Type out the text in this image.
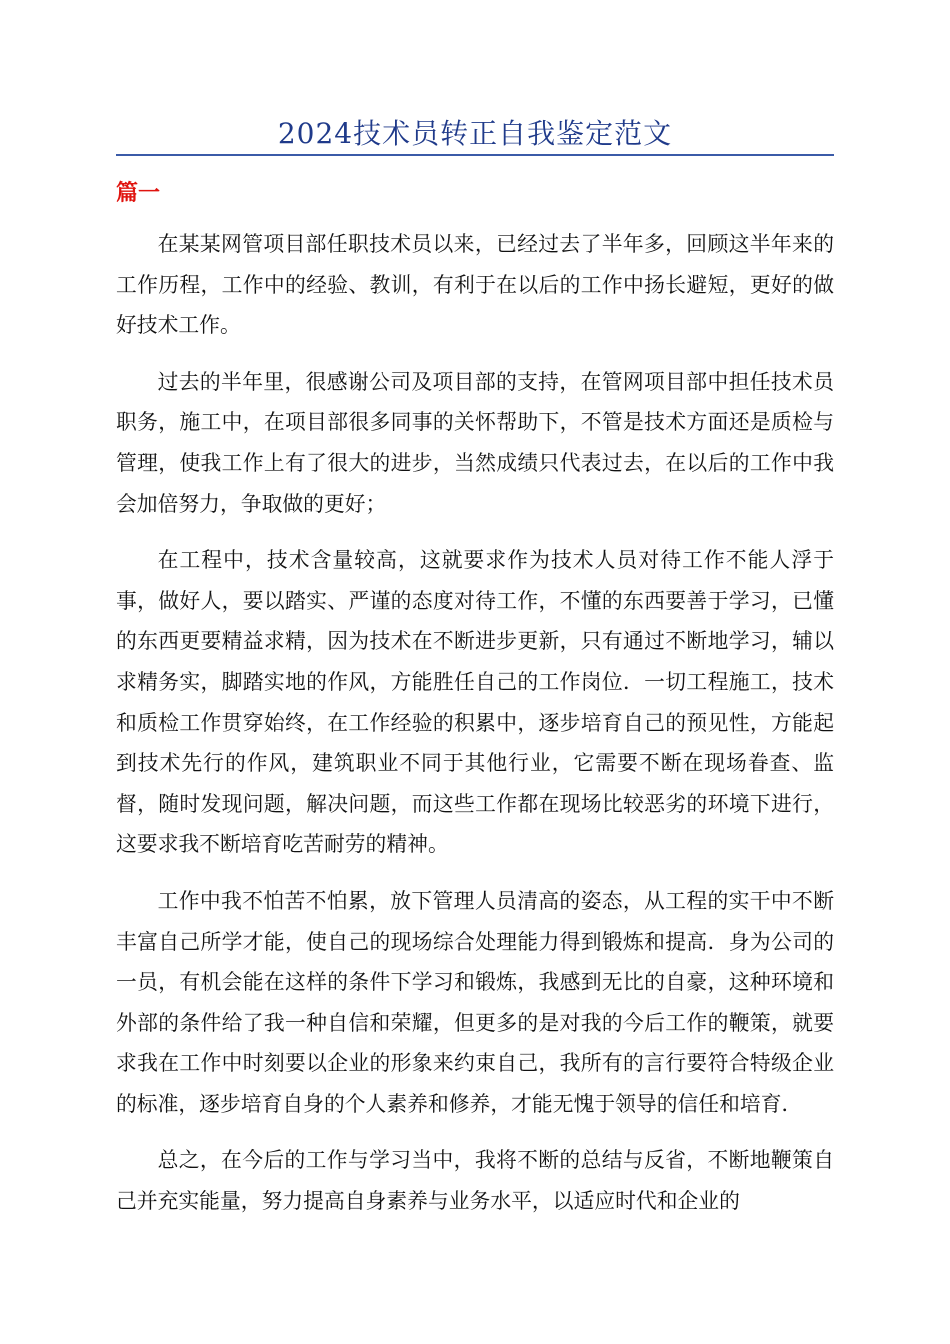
2024技术员转正自我鉴定范文
篇一

在某某网管项目部任职技术员以来，已经过去了半年多，回顾这半年来的工作历程，工作中的经验、教训，有利于在以后的工作中扬长避短，更好的做好技术工作。

过去的半年里，很感谢公司及项目部的支持，在管网项目部中担任技术员职务，施工中，在项目部很多同事的关怀帮助下，不管是技术方面还是质检与管理，使我工作上有了很大的进步，当然成绩只代表过去，在以后的工作中我会加倍努力，争取做的更好；

在工程中，技术含量较高，这就要求作为技术人员对待工作不能人浮于事，做好人，要以踏实、严谨的态度对待工作，不懂的东西要善于学习，已懂的东西更要精益求精，因为技术在不断进步更新，只有通过不断地学习，辅以求精务实，脚踏实地的作风，方能胜任自己的工作岗位．一切工程施工，技术和质检工作贯穿始终，在工作经验的积累中，逐步培育自己的预见性，方能起到技术先行的作风，建筑职业不同于其他行业，它需要不断在现场眷查、监督，随时发现问题，解决问题，而这些工作都在现场比较恶劣的环境下进行，这要求我不断培育吃苦耐劳的精神。

工作中我不怕苦不怕累，放下管理人员清高的姿态，从工程的实干中不断丰富自己所学才能，使自己的现场综合处理能力得到锻炼和提高．身为公司的一员，有机会能在这样的条件下学习和锻炼，我感到无比的自豪，这种环境和外部的条件给了我一种自信和荣耀，但更多的是对我的今后工作的鞭策，就要求我在工作中时刻要以企业的形象来约束自己，我所有的言行要符合特级企业的标准，逐步培育自身的个人素养和修养，才能无愧于领导的信任和培育．

总之，在今后的工作与学习当中，我将不断的总结与反省，不断地鞭策自己并充实能量，努力提高自身素养与业务水平，以适应时代和企业的
